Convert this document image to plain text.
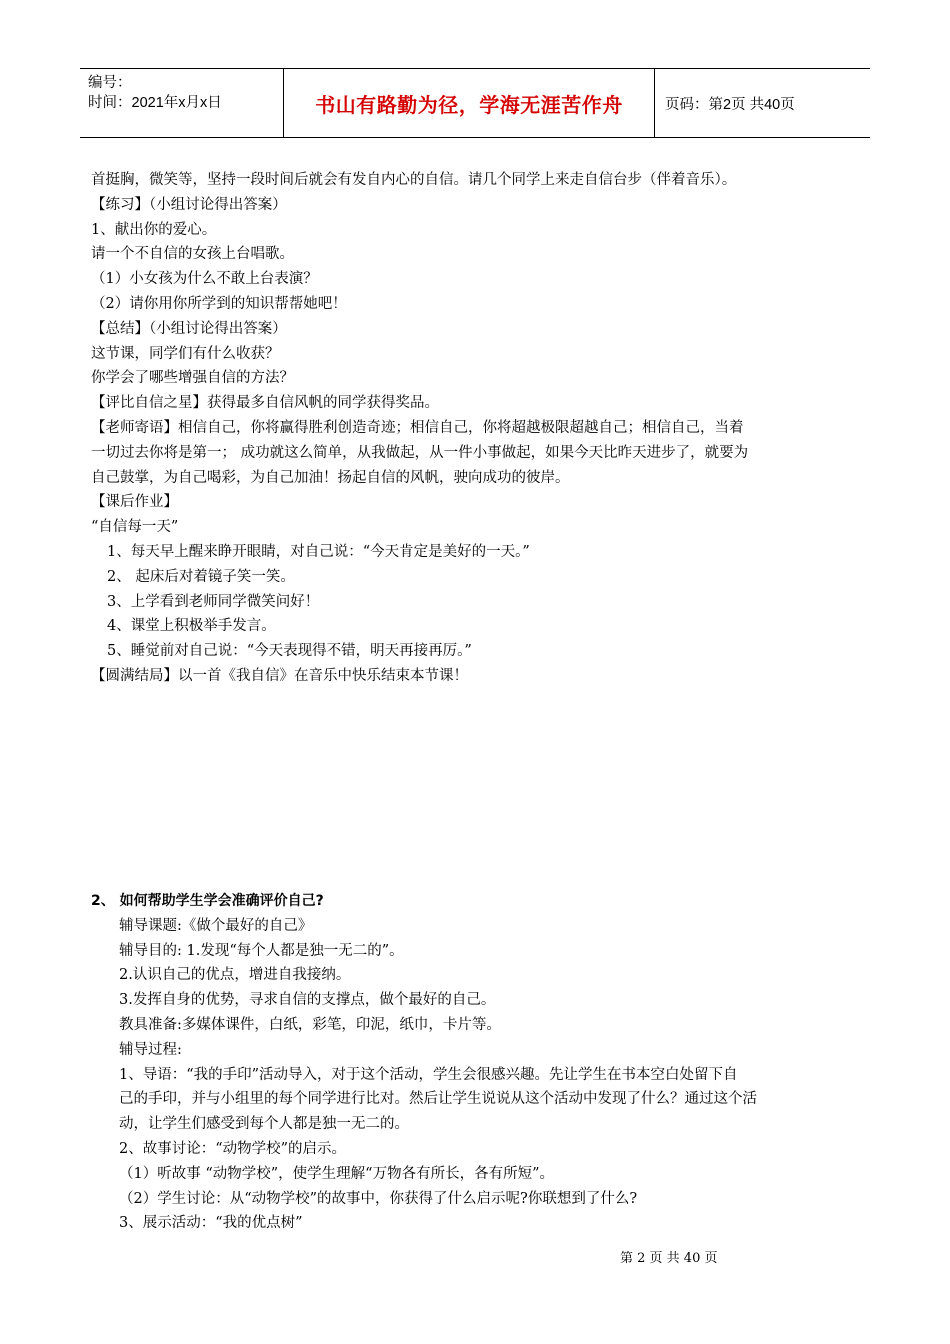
编号：
时间：2021年x月x日	书山有路勤为径，学海无涯苦作舟	页码：第2页 共40页
首挺胸，微笑等，坚持一段时间后就会有发自内心的自信。请几个同学上来走自信台步（伴着音乐）。
【练习】（小组讨论得出答案）
1、献出你的爱心。
请一个不自信的女孩上台唱歌。
（1）小女孩为什么不敢上台表演？
（2）请你用你所学到的知识帮帮她吧！
【总结】（小组讨论得出答案）
这节课，同学们有什么收获？
你学会了哪些增强自信的方法？
【评比自信之星】获得最多自信风帆的同学获得奖品。
【老师寄语】相信自己，你将赢得胜利创造奇迹；相信自己，你将超越极限超越自己；相信自己，当着
一切过去你将是第一； 成功就这么简单，从我做起，从一件小事做起，如果今天比昨天进步了，就要为
自己鼓掌，为自己喝彩，为自己加油！扬起自信的风帆，驶向成功的彼岸。
【课后作业】
“自信每一天”
1、每天早上醒来睁开眼睛，对自己说：“今天肯定是美好的一天。”
2、 起床后对着镜子笑一笑。
3、上学看到老师同学微笑问好！
4、课堂上积极举手发言。
5、睡觉前对自己说：“今天表现得不错，明天再接再厉。”
【圆满结局】以一首《我自信》在音乐中快乐结束本节课！
2、 如何帮助学生学会准确评价自己?
辅导课题:《做个最好的自己》
辅导目的: 1.发现“每个人都是独一无二的”。
2.认识自己的优点，增进自我接纳。
3.发挥自身的优势，寻求自信的支撑点，做个最好的自己。
教具准备:多媒体课件，白纸，彩笔，印泥，纸巾，卡片等。
辅导过程:
1、导语：“我的手印”活动导入，对于这个活动，学生会很感兴趣。先让学生在书本空白处留下自
己的手印，并与小组里的每个同学进行比对。然后让学生说说从这个活动中发现了什么？通过这个活
动，让学生们感受到每个人都是独一无二的。
2、故事讨论：“动物学校”的启示。
（1）听故事 “动物学校”，使学生理解“万物各有所长，各有所短”。
（2）学生讨论：从“动物学校”的故事中，你获得了什么启示呢?你联想到了什么?
3、展示活动：“我的优点树”
第 2 页 共 40 页
